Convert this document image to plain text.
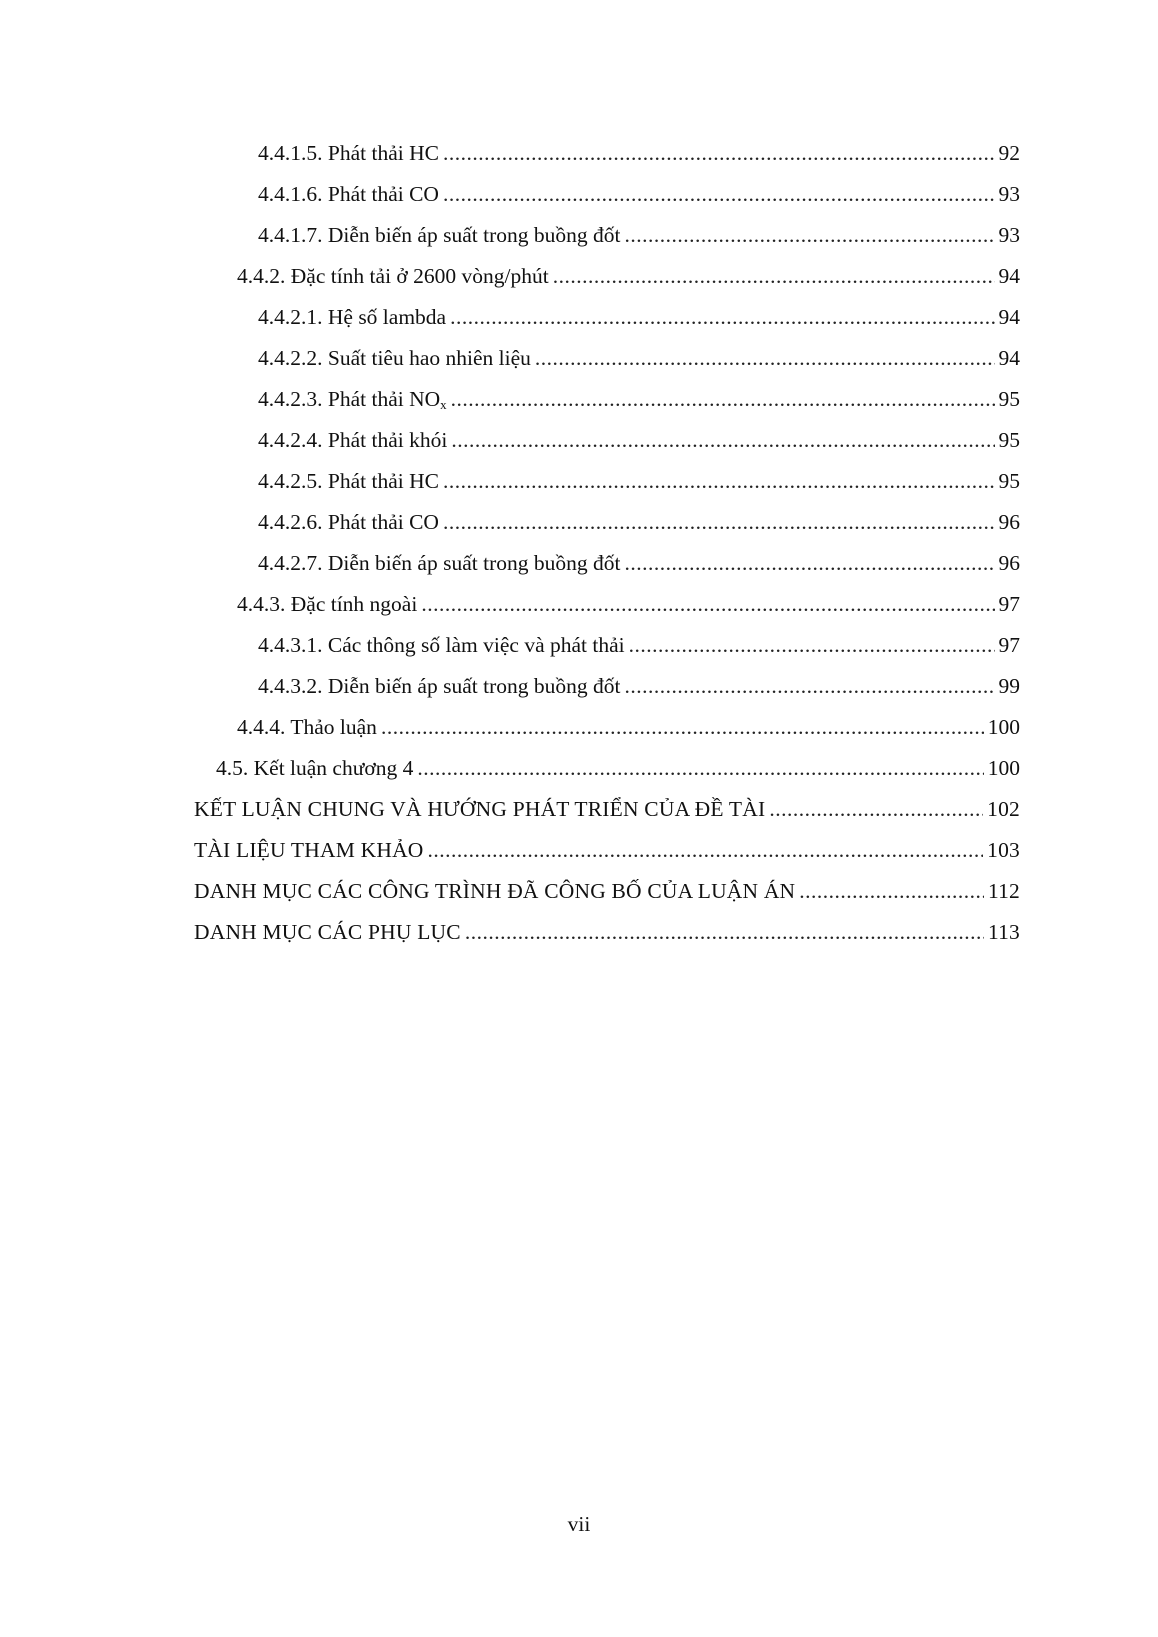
4.4.1.5. Phát thải HC .....	92
4.4.1.6. Phát thải CO .....	93
4.4.1.7. Diễn biến áp suất trong buồng đốt .....	93
4.4.2. Đặc tính tải ở 2600 vòng/phút .....	94
4.4.2.1. Hệ số lambda .....	94
4.4.2.2. Suất tiêu hao nhiên liệu .....	94
4.4.2.3. Phát thải $NO_x$ .....	95
4.4.2.4. Phát thải khói .....	95
4.4.2.5. Phát thải HC .....	95
4.4.2.6. Phát thải CO .....	96
4.4.2.7. Diễn biến áp suất trong buồng đốt .....	96
4.4.3. Đặc tính ngoài .....	97
4.4.3.1. Các thông số làm việc và phát thải .....	97
4.4.3.2. Diễn biến áp suất trong buồng đốt .....	99
4.4.4. Thảo luận .....	100
4.5. Kết luận chương 4 .....	100
KẾT LUẬN CHUNG VÀ HƯỚNG PHÁT TRIỂN CỦA ĐỀ TÀI .....	102
TÀI LIỆU THAM KHẢO .....	103
DANH MỤC CÁC CÔNG TRÌNH ĐÃ CÔNG BỐ CỦA LUẬN ÁN .....	112
DANH MỤC CÁC PHỤ LỤC .....	113
vii
